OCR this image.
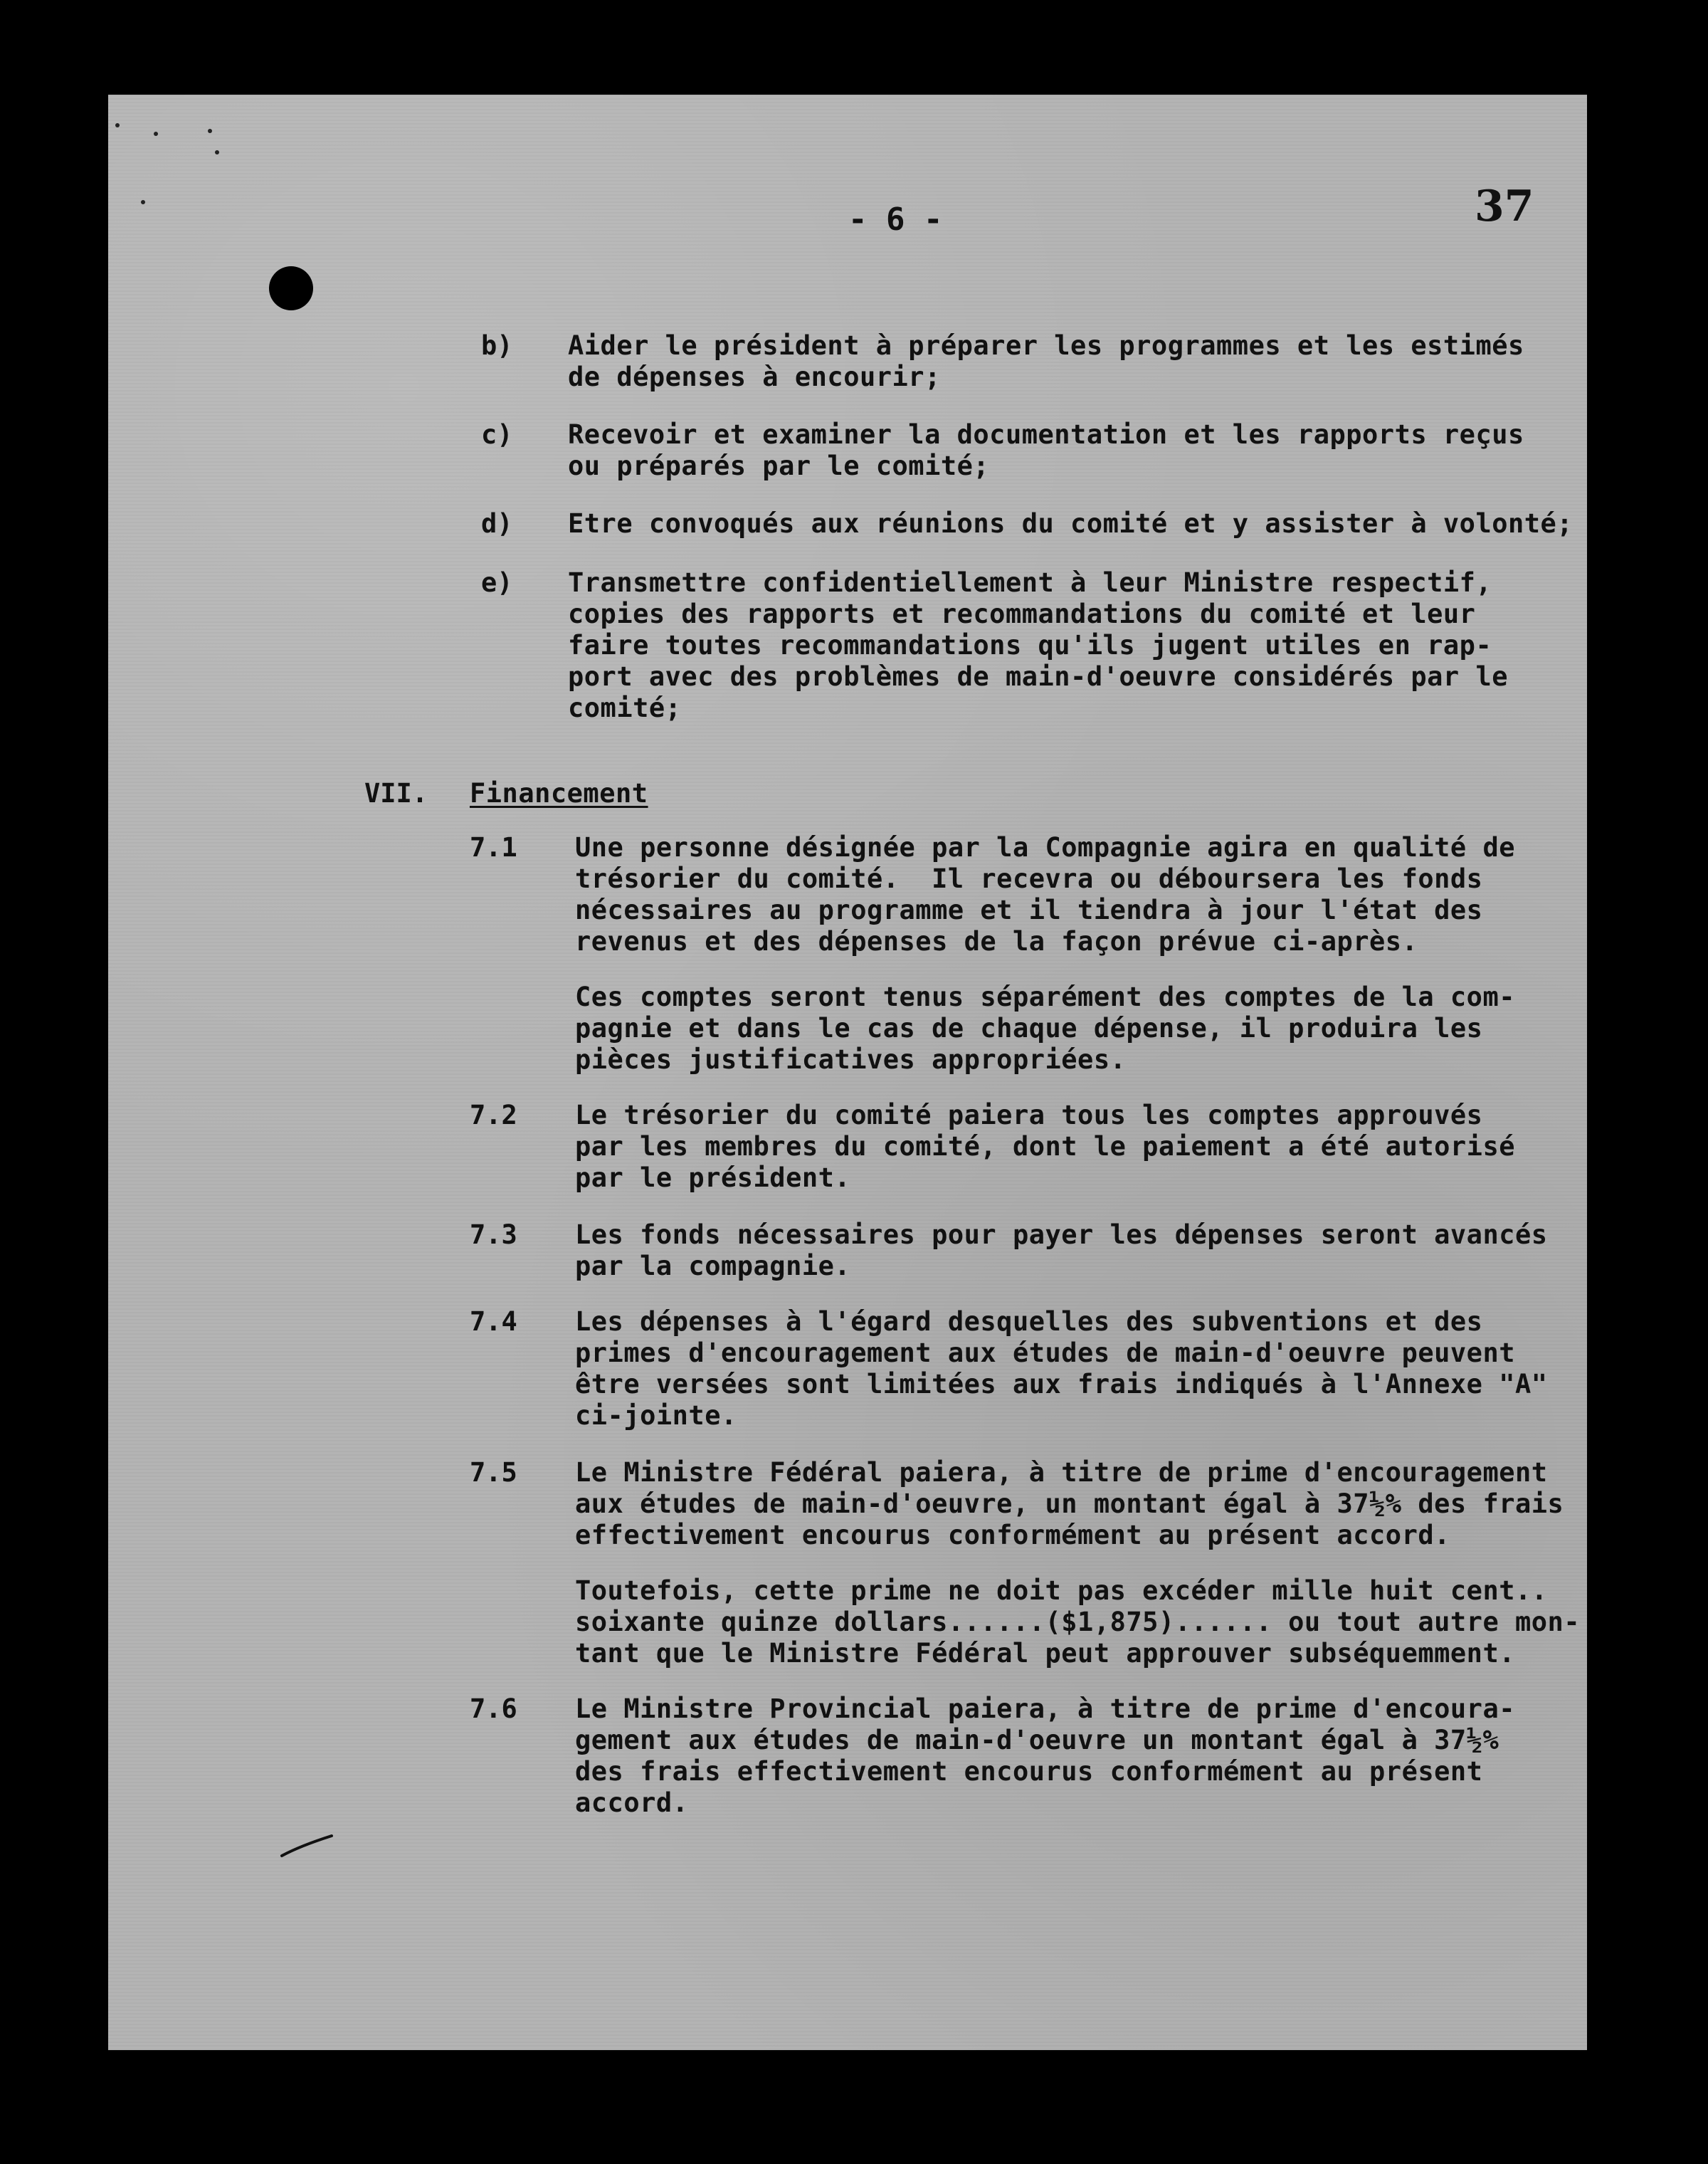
- 6 -	37
b) Aider le président à préparer les programmes et les estimés
de dépenses à encourir;
c) Recevoir et examiner la documentation et les rapports reçus
ou préparés par le comité;
d) Etre convoqués aux réunions du comité et y assister à volonté;
e) Transmettre confidentiellement à leur Ministre respectif,
copies des rapports et recommandations du comité et leur
faire toutes recommandations qu'ils jugent utiles en rap-
port avec des problèmes de main-d'oeuvre considérés par le
comité;
VII. Financement
7.1 Une personne désignée par la Compagnie agira en qualité de
trésorier du comité.  Il recevra ou déboursera les fonds
nécessaires au programme et il tiendra à jour l'état des
revenus et des dépenses de la façon prévue ci-après.
Ces comptes seront tenus séparément des comptes de la com-
pagnie et dans le cas de chaque dépense, il produira les
pièces justificatives appropriées.
7.2 Le trésorier du comité paiera tous les comptes approuvés
par les membres du comité, dont le paiement a été autorisé
par le président.
7.3 Les fonds nécessaires pour payer les dépenses seront avancés
par la compagnie.
7.4 Les dépenses à l'égard desquelles des subventions et des
primes d'encouragement aux études de main-d'oeuvre peuvent
être versées sont limitées aux frais indiqués à l'Annexe "A"
ci-jointe.
7.5 Le Ministre Fédéral paiera, à titre de prime d'encouragement
aux études de main-d'oeuvre, un montant égal à 37½% des frais
effectivement encourus conformément au présent accord.
Toutefois, cette prime ne doit pas excéder mille huit cent..
soixante quinze dollars......($1,875)...... ou tout autre mon-
tant que le Ministre Fédéral peut approuver subséquemment.
7.6 Le Ministre Provincial paiera, à titre de prime d'encoura-
gement aux études de main-d'oeuvre un montant égal à 37½%
des frais effectivement encourus conformément au présent
accord.
